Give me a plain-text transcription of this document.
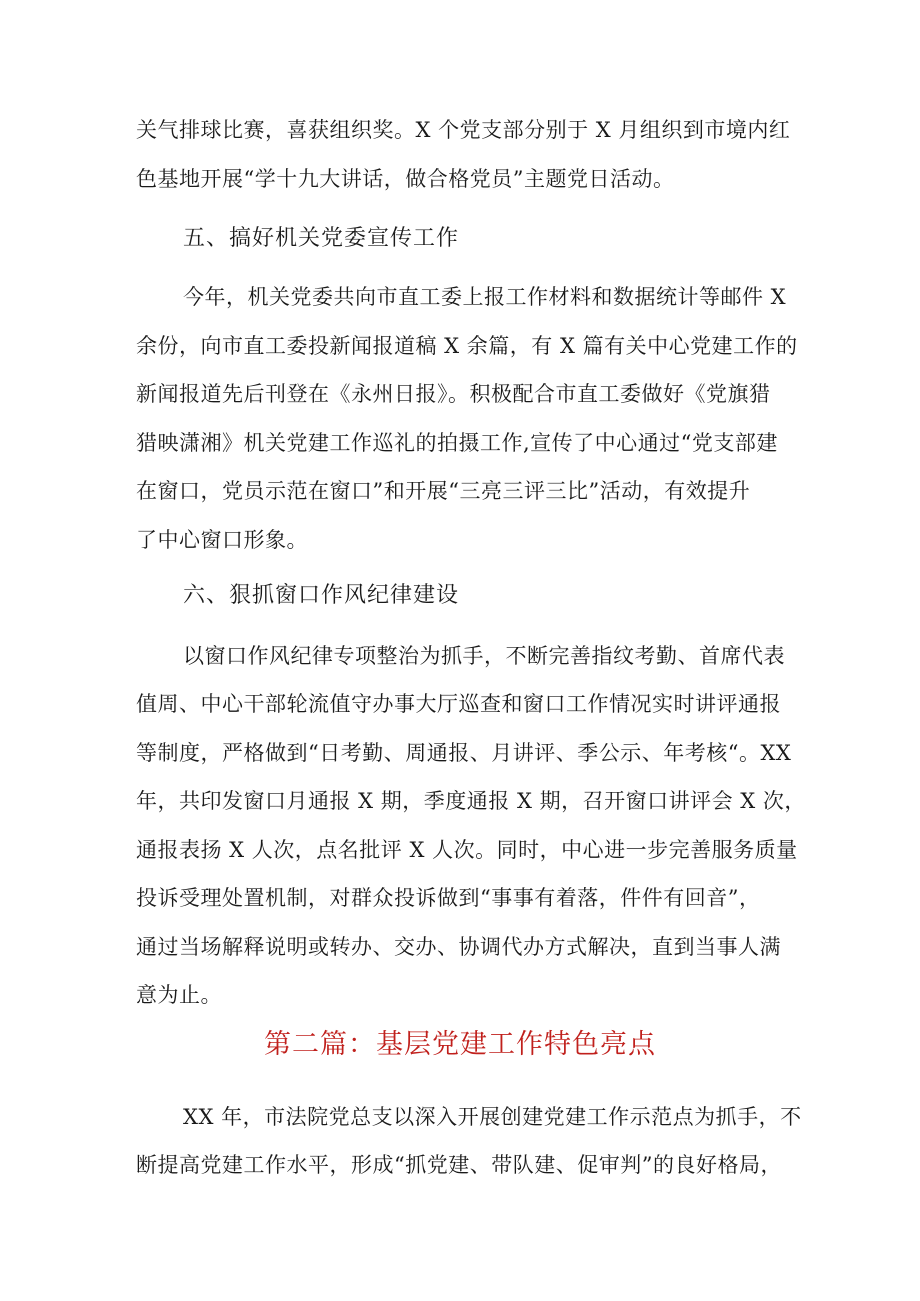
关气排球比赛，喜获组织奖。X 个党支部分别于 X 月组织到市境内红
色基地开展“学十九大讲话，做合格党员”主题党日活动。
五、搞好机关党委宣传工作
今年，机关党委共向市直工委上报工作材料和数据统计等邮件 X
余份，向市直工委投新闻报道稿 X 余篇，有 X 篇有关中心党建工作的
新闻报道先后刊登在《永州日报》。积极配合市直工委做好《党旗猎
猎映潇湘》机关党建工作巡礼的拍摄工作,宣传了中心通过“党支部建
在窗口，党员示范在窗口”和开展“三亮三评三比”活动，有效提升
了中心窗口形象。
六、狠抓窗口作风纪律建设
以窗口作风纪律专项整治为抓手，不断完善指纹考勤、首席代表
值周、中心干部轮流值守办事大厅巡查和窗口工作情况实时讲评通报
等制度，严格做到“日考勤、周通报、月讲评、季公示、年考核“。XX
年，共印发窗口月通报 X 期，季度通报 X 期，召开窗口讲评会 X 次，
通报表扬 X 人次，点名批评 X 人次。同时，中心进一步完善服务质量
投诉受理处置机制，对群众投诉做到“事事有着落，件件有回音”，
通过当场解释说明或转办、交办、协调代办方式解决，直到当事人满
意为止。
第二篇：基层党建工作特色亮点
XX 年，市法院党总支以深入开展创建党建工作示范点为抓手，不
断提高党建工作水平，形成“抓党建、带队建、促审判”的良好格局，
